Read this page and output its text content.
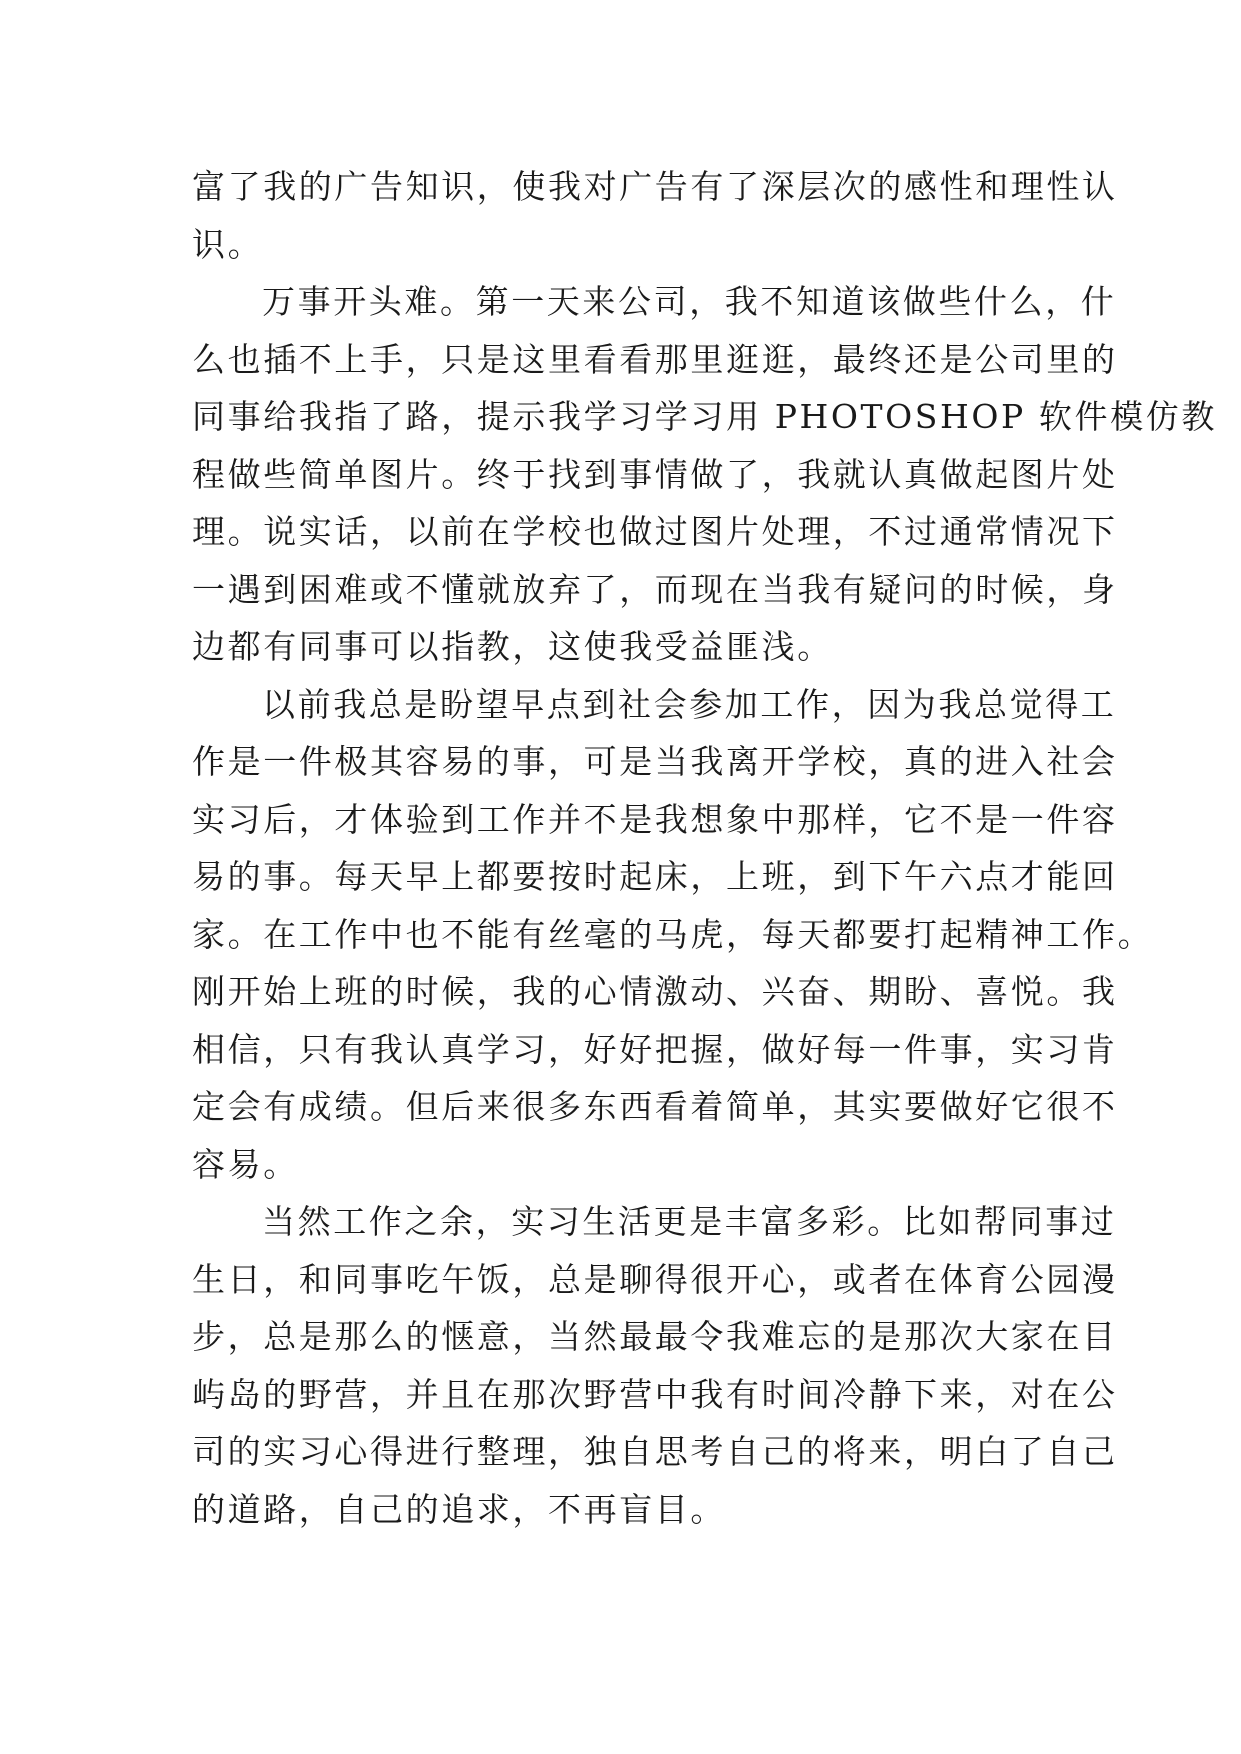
富了我的广告知识，使我对广告有了深层次的感性和理性认
识。

万事开头难。第一天来公司，我不知道该做些什么，什
么也插不上手，只是这里看看那里逛逛，最终还是公司里的
同事给我指了路，提示我学习学习用 PHOTOSHOP 软件模仿教
程做些简单图片。终于找到事情做了，我就认真做起图片处
理。说实话，以前在学校也做过图片处理，不过通常情况下
一遇到困难或不懂就放弃了，而现在当我有疑问的时候，身
边都有同事可以指教，这使我受益匪浅。

以前我总是盼望早点到社会参加工作，因为我总觉得工
作是一件极其容易的事，可是当我离开学校，真的进入社会
实习后，才体验到工作并不是我想象中那样，它不是一件容
易的事。每天早上都要按时起床，上班，到下午六点才能回
家。在工作中也不能有丝毫的马虎，每天都要打起精神工作。
刚开始上班的时候，我的心情激动、兴奋、期盼、喜悦。我
相信，只有我认真学习，好好把握，做好每一件事，实习肯
定会有成绩。但后来很多东西看着简单，其实要做好它很不
容易。

当然工作之余，实习生活更是丰富多彩。比如帮同事过
生日，和同事吃午饭，总是聊得很开心，或者在体育公园漫
步，总是那么的惬意，当然最最令我难忘的是那次大家在目
屿岛的野营，并且在那次野营中我有时间冷静下来，对在公
司的实习心得进行整理，独自思考自己的将来，明白了自己
的道路，自己的追求，不再盲目。
